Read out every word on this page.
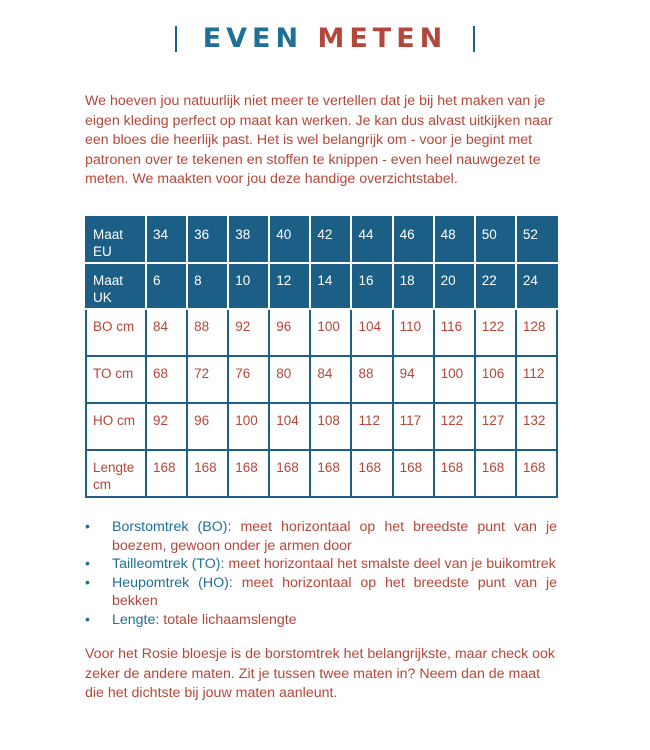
EVEN METEN

We hoeven jou natuurlijk niet meer te vertellen dat je bij het maken van je eigen kleding perfect op maat kan werken. Je kan dus alvast uitkijken naar een bloes die heerlijk past. Het is wel belangrijk om - voor je begint met patronen over te tekenen en stoffen te knippen - even heel nauwgezet te meten. We maakten voor jou deze handige overzichtstabel.

Maat EU	34	36	38	40	42	44	46	48	50	52
Maat UK	6	8	10	12	14	16	18	20	22	24
BO cm	84	88	92	96	100	104	110	116	122	128
TO cm	68	72	76	80	84	88	94	100	106	112
HO cm	92	96	100	104	108	112	117	122	127	132
Lengte cm	168	168	168	168	168	168	168	168	168	168
• Borstomtrek (BO): meet horizontaal op het breedste punt van je boezem, gewoon onder je armen door
• Tailleomtrek (TO): meet horizontaal het smalste deel van je buikomtrek
• Heupomtrek (HO): meet horizontaal op het breedste punt van je bekken
• Lengte: totale lichaamslengte

Voor het Rosie bloesje is de borstomtrek het belangrijkste, maar check ook zeker de andere maten. Zit je tussen twee maten in? Neem dan de maat die het dichtste bij jouw maten aanleunt.
